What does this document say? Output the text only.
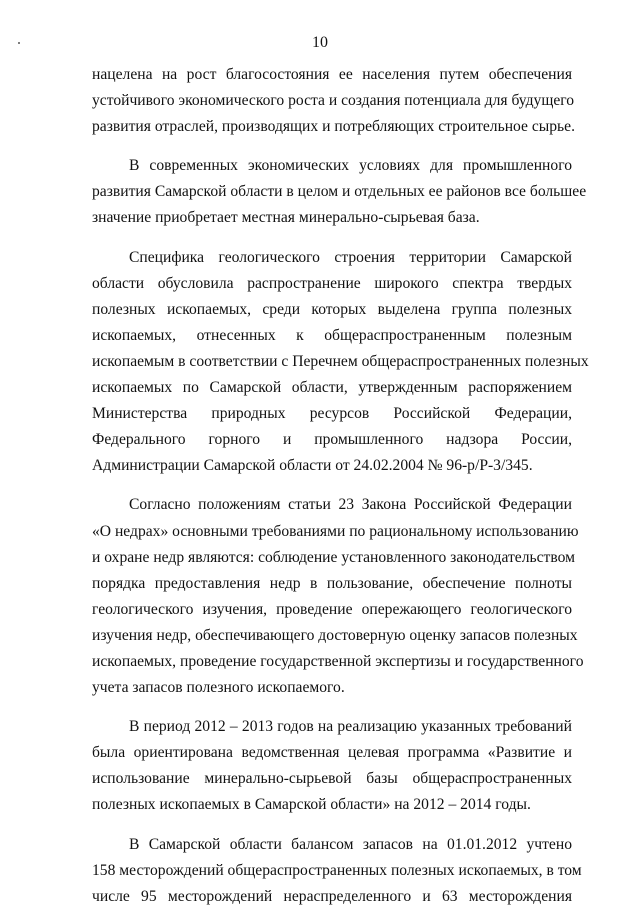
10
нацелена на рост благосостояния ее населения путем обеспечения
устойчивого экономического роста и создания потенциала для будущего
развития отраслей, производящих и потребляющих строительное сырье.
В современных экономических условиях для промышленного
развития Самарской области в целом и отдельных ее районов все большее
значение приобретает местная минерально-сырьевая база.
Специфика геологического строения территории Самарской
области обусловила распространение широкого спектра твердых
полезных ископаемых, среди которых выделена группа полезных
ископаемых, отнесенных к общераспространенным полезным
ископаемым в соответствии с Перечнем общераспространенных полезных
ископаемых по Самарской области, утвержденным распоряжением
Министерства природных ресурсов Российской Федерации,
Федерального горного и промышленного надзора России,
Администрации Самарской области от 24.02.2004 № 96-р/Р-3/345.
Согласно положениям статьи 23 Закона Российской Федерации
«О недрах» основными требованиями по рациональному использованию
и охране недр являются: соблюдение установленного законодательством
порядка предоставления недр в пользование, обеспечение полноты
геологического изучения, проведение опережающего геологического
изучения недр, обеспечивающего достоверную оценку запасов полезных
ископаемых, проведение государственной экспертизы и государственного
учета запасов полезного ископаемого.
В период 2012 – 2013 годов на реализацию указанных требований
была ориентирована ведомственная целевая программа «Развитие и
использование минерально-сырьевой базы общераспространенных
полезных ископаемых в Самарской области» на 2012 – 2014 годы.
В Самарской области балансом запасов на 01.01.2012 учтено
158 месторождений общераспространенных полезных ископаемых, в том
числе 95 месторождений нераспределенного и 63 месторождения
